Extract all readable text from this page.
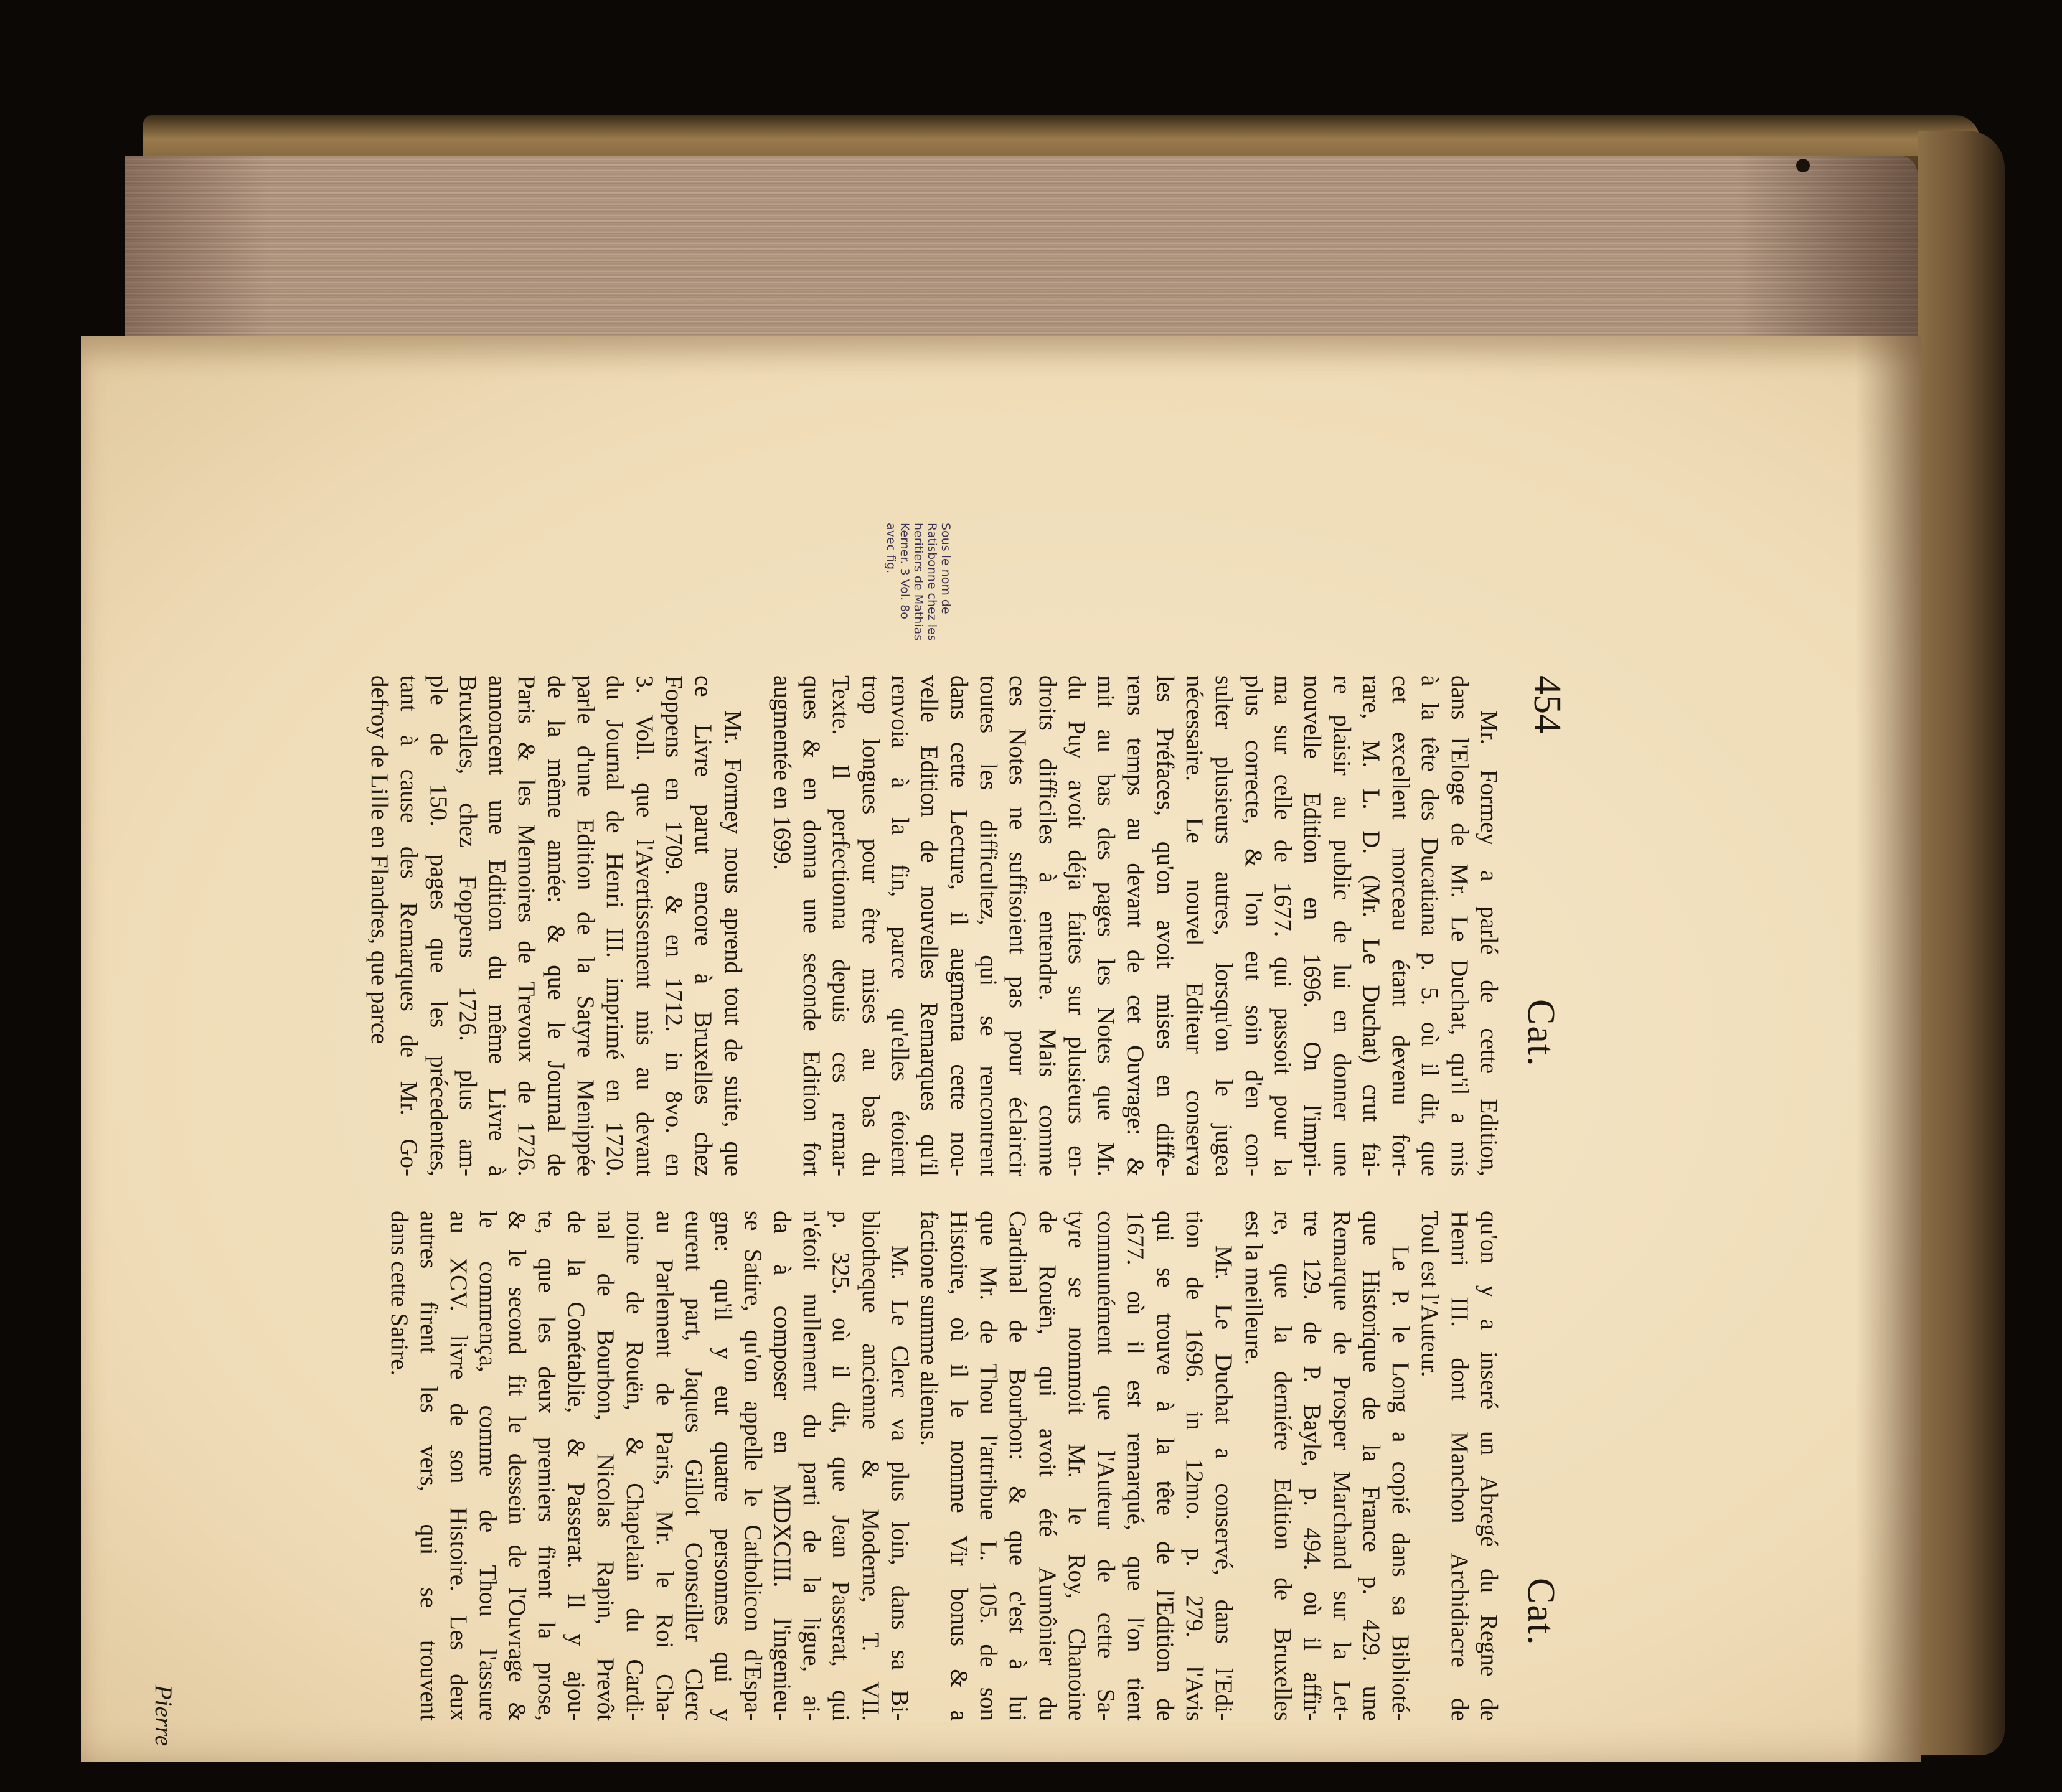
454
Cat.
Cat.
Sous le nom de Ratisbonne chez les
heritiers de Mathias Kerner. 3 Vol. 8o
avec fig.
Mr. Formey a parlé de cette Edition,
dans l'Eloge de Mr. Le Duchat, qu'il a mis
à la tête des Ducatiana p. 5. où il dit, que
cet excellent morceau étant devenu fort-
rare, M. L. D. (Mr. Le Duchat) crut fai-
re plaisir au public de lui en donner une
nouvelle Edition en 1696. On l'impri-
ma sur celle de 1677. qui passoit pour la
plus correcte, & l'on eut soin d'en con-
sulter plusieurs autres, lorsqu'on le jugea
nécessaire. Le nouvel Editeur conserva
les Préfaces, qu'on avoit mises en diffe-
rens temps au devant de cet Ouvrage: &
mit au bas des pages les Notes que Mr.
du Puy avoit déja faites sur plusieurs en-
droits difficiles à entendre. Mais comme
ces Notes ne suffisoient pas pour éclaircir
toutes les difficultez, qui se rencontrent
dans cette Lecture, il augmenta cette nou-
velle Edition de nouvelles Remarques qu'il
renvoia à la fin, parce qu'elles étoient
trop longues pour être mises au bas du
Texte. Il perfectionna depuis ces remar-
ques & en donna une seconde Edition fort
augmentée en 1699.
Mr. Formey nous aprend tout de suite, que
ce Livre parut encore à Bruxelles chez
Foppens en 1709. & en 1712. in 8vo. en
3. Voll. que l'Avertissement mis au devant
du Journal de Henri III. imprimé en 1720.
parle d'une Edition de la Satyre Menippée
de la même année: & que le Journal de
Paris & les Memoires de Trevoux de 1726.
annoncent une Edition du même Livre à
Bruxelles, chez Foppens 1726. plus am-
ple de 150. pages que les précedentes,
tant à cause des Remarques de Mr. Go-
defroy de Lille en Flandres, que parce
qu'on y a inseré un Abregé du Regne de
Henri III. dont Manchon Archidiacre de
Toul est l'Auteur.
Le P. le Long a copié dans sa Biblioté-
que Historique de la France p. 429. une
Remarque de Prosper Marchand sur la Let-
tre 129. de P. Bayle, p. 494. où il affir-
re, que la derniére Edition de Bruxelles
est la meilleure.
Mr. Le Duchat a conservé, dans l'Edi-
tion de 1696. in 12mo. p. 279. l'Avis
qui se trouve à la tête de l'Edition de
1677. où il est remarqué, que l'on tient
communément que l'Auteur de cette Sa-
tyre se nommoit Mr. le Roy, Chanoine
de Rouën, qui avoit été Aumônier du
Cardinal de Bourbon: & que c'est à lui
que Mr. de Thou l'attribue L. 105. de son
Histoire, où il le nomme Vir bonus & a
factione summe alienus.
Mr. Le Clerc va plus loin, dans sa Bi-
bliotheque ancienne & Moderne, T. VII.
p. 325. où il dit, que Jean Passerat, qui
n'étoit nullement du parti de la ligue, ai-
da à composer en MDXCIII. l'ingenieu-
se Satire, qu'on appelle le Catholicon d'Espa-
gne: qu'il y eut quatre personnes qui y
eurent part, Jaques Gillot Conseiller Clerc
au Parlement de Paris, Mr. le Roi Cha-
noine de Rouën, & Chapelain du Cardi-
nal de Bourbon, Nicolas Rapin, Prevôt
de la Conétablie, & Passerat. Il y ajou-
te, que les deux premiers firent la prose,
& le second fit le dessein de l'Ouvrage &
le commença, comme de Thou l'assure
au XCV. livre de son Histoire. Les deux
autres firent les vers, qui se trouvent
dans cette Satire.
Pierre
